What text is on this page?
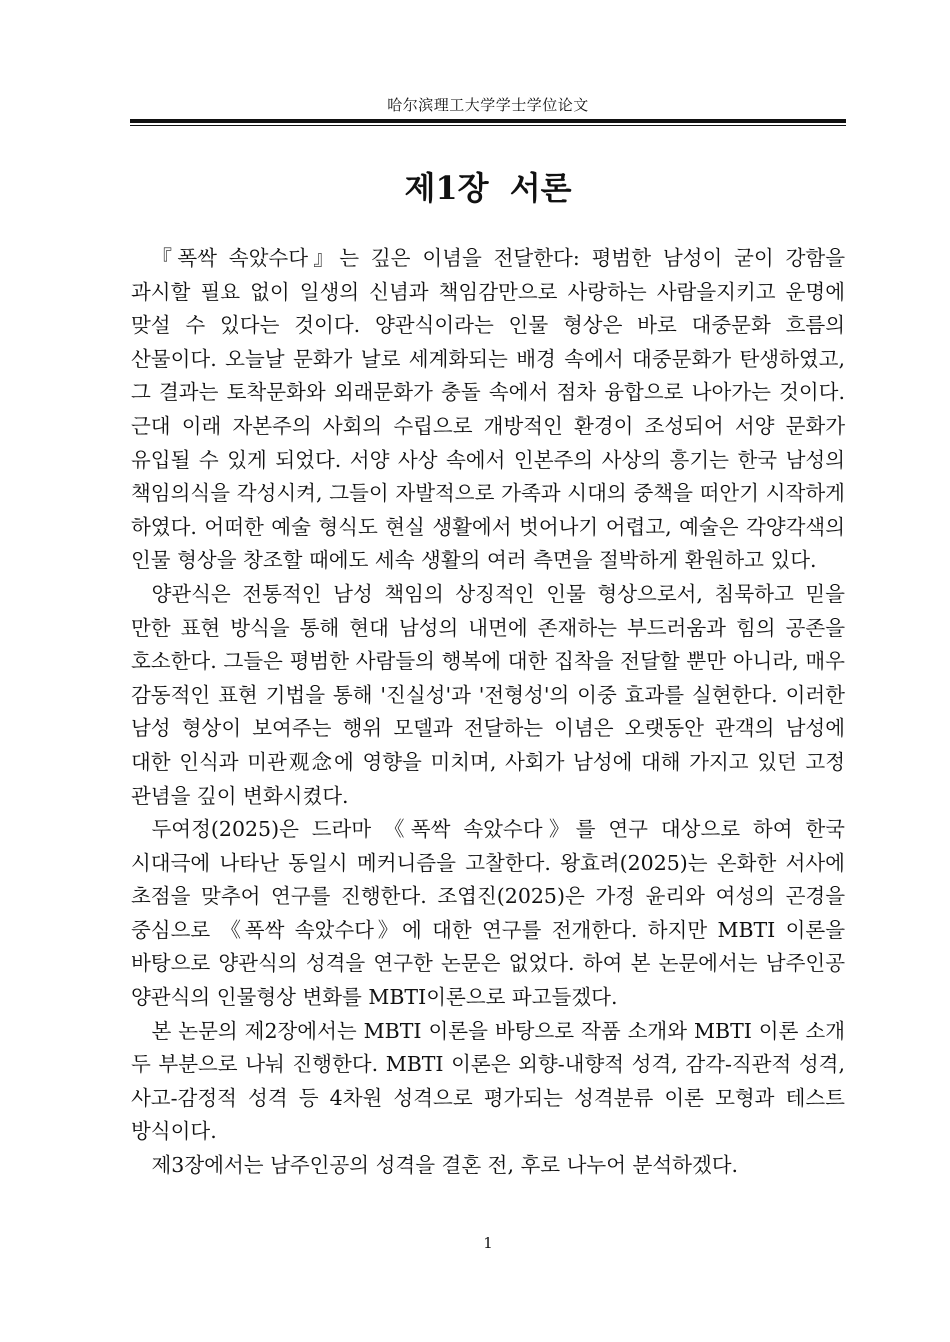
哈尔滨理工大学学士学位论文
제1장 서론

『폭싹 속았수다』는 깊은 이념을 전달한다: 평범한 남성이 굳이 강함을 과시할 필요 없이 일생의 신념과 책임감만으로 사랑하는 사람을지키고 운명에 맞설 수 있다는 것이다. 양관식이라는 인물 형상은 바로 대중문화 흐름의 산물이다. 오늘날 문화가 날로 세계화되는 배경 속에서 대중문화가 탄생하였고, 그 결과는 토착문화와 외래문화가 충돌 속에서 점차 융합으로 나아가는 것이다. 근대 이래 자본주의 사회의 수립으로 개방적인 환경이 조성되어 서양 문화가 유입될 수 있게 되었다. 서양 사상 속에서 인본주의 사상의 흥기는 한국 남성의 책임의식을 각성시켜, 그들이 자발적으로 가족과 시대의 중책을 떠안기 시작하게 하였다. 어떠한 예술 형식도 현실 생활에서 벗어나기 어렵고, 예술은 각양각색의 인물 형상을 창조할 때에도 세속 생활의 여러 측면을 절박하게 환원하고 있다.

양관식은 전통적인 남성 책임의 상징적인 인물 형상으로서, 침묵하고 믿을 만한 표현 방식을 통해 현대 남성의 내면에 존재하는 부드러움과 힘의 공존을 호소한다. 그들은 평범한 사람들의 행복에 대한 집착을 전달할 뿐만 아니라, 매우 감동적인 표현 기법을 통해 '진실성'과 '전형성'의 이중 효과를 실현한다. 이러한 남성 형상이 보여주는 행위 모델과 전달하는 이념은 오랫동안 관객의 남성에 대한 인식과 미관观念에 영향을 미치며, 사회가 남성에 대해 가지고 있던 고정 관념을 깊이 변화시켰다.

두여정(2025)은 드라마 《폭싹 속았수다》를 연구 대상으로 하여 한국 시대극에 나타난 동일시 메커니즘을 고찰한다. 왕효려(2025)는 온화한 서사에 초점을 맞추어 연구를 진행한다. 조엽진(2025)은 가정 윤리와 여성의 곤경을 중심으로 《폭싹 속았수다》에 대한 연구를 전개한다. 하지만 MBTI 이론을 바탕으로 양관식의 성격을 연구한 논문은 없었다. 하여 본 논문에서는 남주인공 양관식의 인물형상 변화를 MBTI이론으로 파고들겠다.

본 논문의 제2장에서는 MBTI 이론을 바탕으로 작품 소개와 MBTI 이론 소개 두 부분으로 나눠 진행한다. MBTI 이론은 외향-내향적 성격, 감각-직관적 성격, 사고-감정적 성격 등 4차원 성격으로 평가되는 성격분류 이론 모형과 테스트 방식이다.

제3장에서는 남주인공의 성격을 결혼 전, 후로 나누어 분석하겠다.

1
